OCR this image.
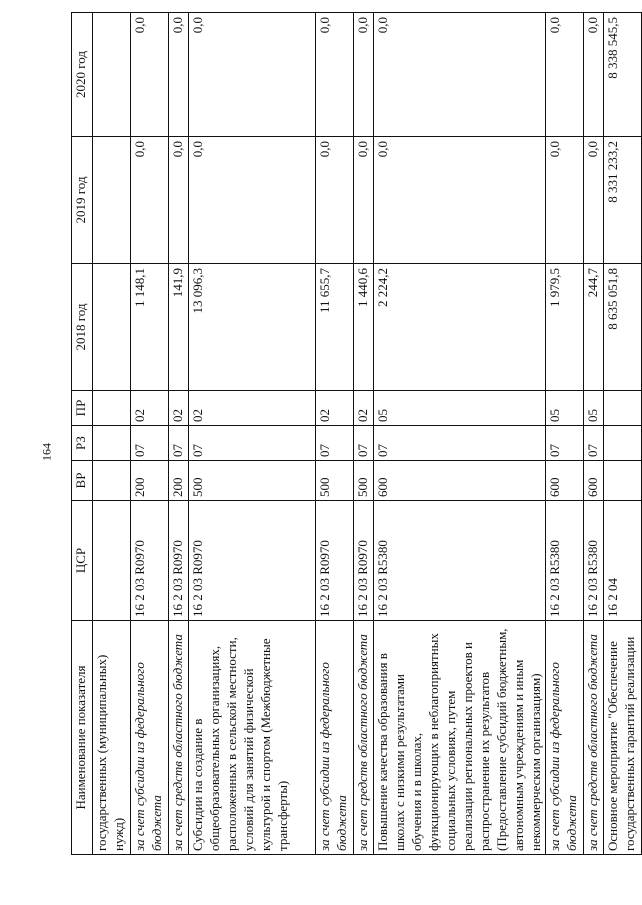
164
Наименование показателя	ЦСР	ВР	РЗ	ПР	2018 год	2019 год	2020 год
государственных (муниципальных) нужд)							
за счет субсидии из федерального бюджета	16 2 03 R0970	200	07	02	1 148,1	0,0	0,0
за счет средств областного бюджета	16 2 03 R0970	200	07	02	141,9	0,0	0,0
Субсидии на создание в общеобразовательных организациях, расположенных в сельской местности, условий для занятий физической культурой и спортом (Межбюджетные трансферты)	16 2 03 R0970	500	07	02	13 096,3	0,0	0,0
за счет субсидии из федерального бюджета	16 2 03 R0970	500	07	02	11 655,7	0,0	0,0
за счет средств областного бюджета	16 2 03 R0970	500	07	02	1 440,6	0,0	0,0
Повышение качества образования в школах с низкими результатами обучения и в школах, функционирующих в неблагоприятных социальных условиях, путем реализации региональных проектов и распространение их результатов (Предоставление субсидий бюджетным, автономным учреждениям и иным некоммерческим организациям)	16 2 03 R5380	600	07	05	2 224,2	0,0	0,0
за счет субсидии из федерального бюджета	16 2 03 R5380	600	07	05	1 979,5	0,0	0,0
за счет средств областного бюджета	16 2 03 R5380	600	07	05	244,7	0,0	0,0
Основное мероприятие "Обеспечение государственных гарантий реализации	16 2 04				8 635 051,8	8 331 233,2	8 338 545,5
